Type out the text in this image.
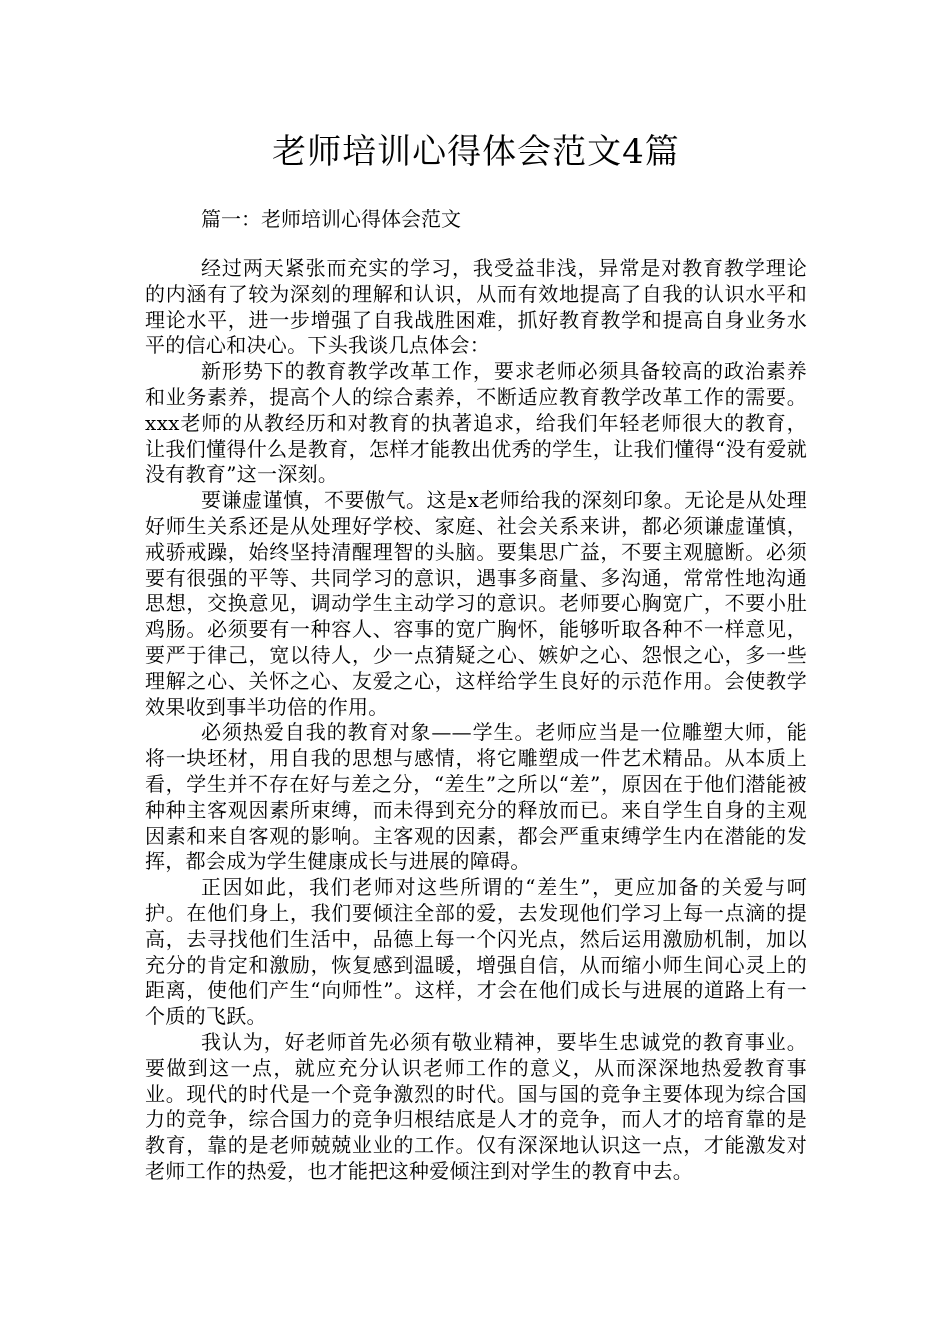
老师培训心得体会范文4篇

篇一：老师培训心得体会范文

经过两天紧张而充实的学习，我受益非浅，异常是对教育教学理论的内涵有了较为深刻的理解和认识，从而有效地提高了自我的认识水平和理论水平，进一步增强了自我战胜困难，抓好教育教学和提高自身业务水平的信心和决心。下头我谈几点体会：

新形势下的教育教学改革工作，要求老师必须具备较高的政治素养和业务素养，提高个人的综合素养，不断适应教育教学改革工作的需要。xxx老师的从教经历和对教育的执著追求，给我们年轻老师很大的教育，让我们懂得什么是教育，怎样才能教出优秀的学生，让我们懂得“没有爱就没有教育”这一深刻。

要谦虚谨慎，不要傲气。这是x老师给我的深刻印象。无论是从处理好师生关系还是从处理好学校、家庭、社会关系来讲，都必须谦虚谨慎，戒骄戒躁，始终坚持清醒理智的头脑。要集思广益，不要主观臆断。必须要有很强的平等、共同学习的意识，遇事多商量、多沟通，常常性地沟通思想，交换意见，调动学生主动学习的意识。老师要心胸宽广，不要小肚鸡肠。必须要有一种容人、容事的宽广胸怀，能够听取各种不一样意见，要严于律己，宽以待人，少一点猜疑之心、嫉妒之心、怨恨之心，多一些理解之心、关怀之心、友爱之心，这样给学生良好的示范作用。会使教学效果收到事半功倍的作用。

必须热爱自我的教育对象——学生。老师应当是一位雕塑大师，能将一块坯材，用自我的思想与感情，将它雕塑成一件艺术精品。从本质上看，学生并不存在好与差之分，“差生”之所以“差”，原因在于他们潜能被种种主客观因素所束缚，而未得到充分的释放而已。来自学生自身的主观因素和来自客观的影响。主客观的因素，都会严重束缚学生内在潜能的发挥，都会成为学生健康成长与进展的障碍。

正因如此，我们老师对这些所谓的“差生”，更应加备的关爱与呵护。在他们身上，我们要倾注全部的爱，去发现他们学习上每一点滴的提高，去寻找他们生活中，品德上每一个闪光点，然后运用激励机制，加以充分的肯定和激励，恢复感到温暖，增强自信，从而缩小师生间心灵上的距离，使他们产生“向师性”。这样，才会在他们成长与进展的道路上有一个质的飞跃。

我认为，好老师首先必须有敬业精神，要毕生忠诚党的教育事业。要做到这一点，就应充分认识老师工作的意义，从而深深地热爱教育事业。现代的时代是一个竞争激烈的时代。国与国的竞争主要体现为综合国力的竞争，综合国力的竞争归根结底是人才的竞争，而人才的培育靠的是教育，靠的是老师兢兢业业的工作。仅有深深地认识这一点，才能激发对老师工作的热爱，也才能把这种爱倾注到对学生的教育中去。
